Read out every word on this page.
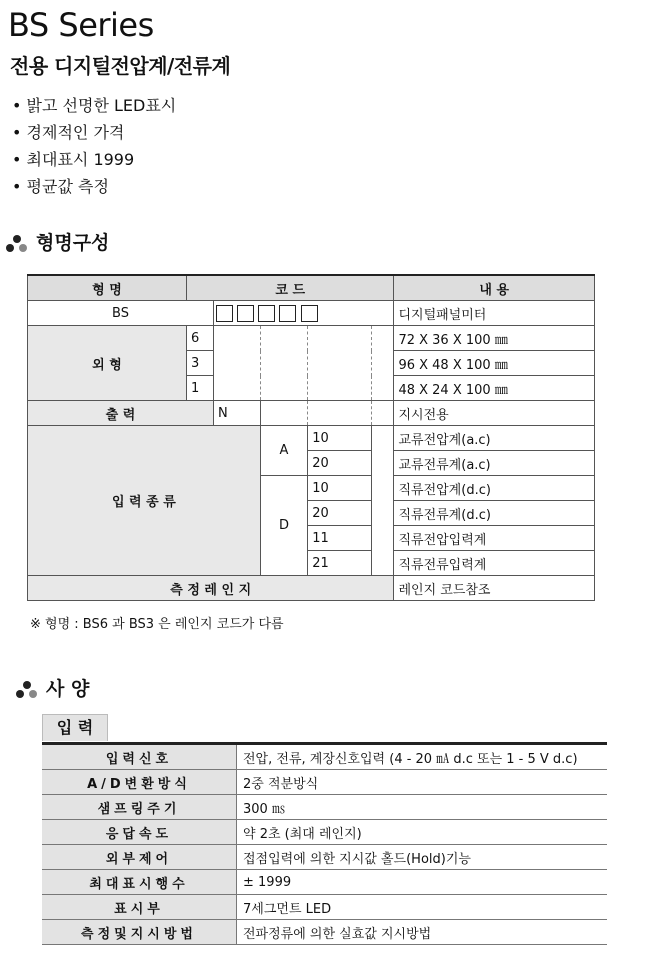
BS Series
전용 디지털전압계/전류계
• 밝고 선명한 LED표시
• 경제적인 가격
• 최대표시 1999
• 평균값 측정
형명구성
형 명	코 드					내 용
BS						디지털패널미터
외 형	6					72 X 36 X 100 ㎜
	3					96 X 48 X 100 ㎜
	1					48 X 24 X 100 ㎜
출 력		N				지시전용
입 력 종 류			A	10		교류전압계(a.c)
				20		교류전류계(a.c)
			D	10		직류전압계(d.c)
				20		직류전류계(d.c)
				11		직류전압입력계
				21		직류전류입력계
측 정 레 인 지						레인지 코드참조
※ 형명 : BS6 과 BS3 은 레인지 코드가 다름
사 양
입 력
입력신호	전압, 전류, 계장신호입력 (4 - 20 ㎃ d.c 또는 1 - 5 V d.c)
A/D변환방식	2중 적분방식
샘프링주기	300 ㎳
응답속도	약 2초 (최대 레인지)
외부제어	접점입력에 의한 지시값 홀드(Hold)기능
최대표시행수	± 1999
표시부	7세그먼트 LED
측정및지시방법	전파정류에 의한 실효값 지시방법
